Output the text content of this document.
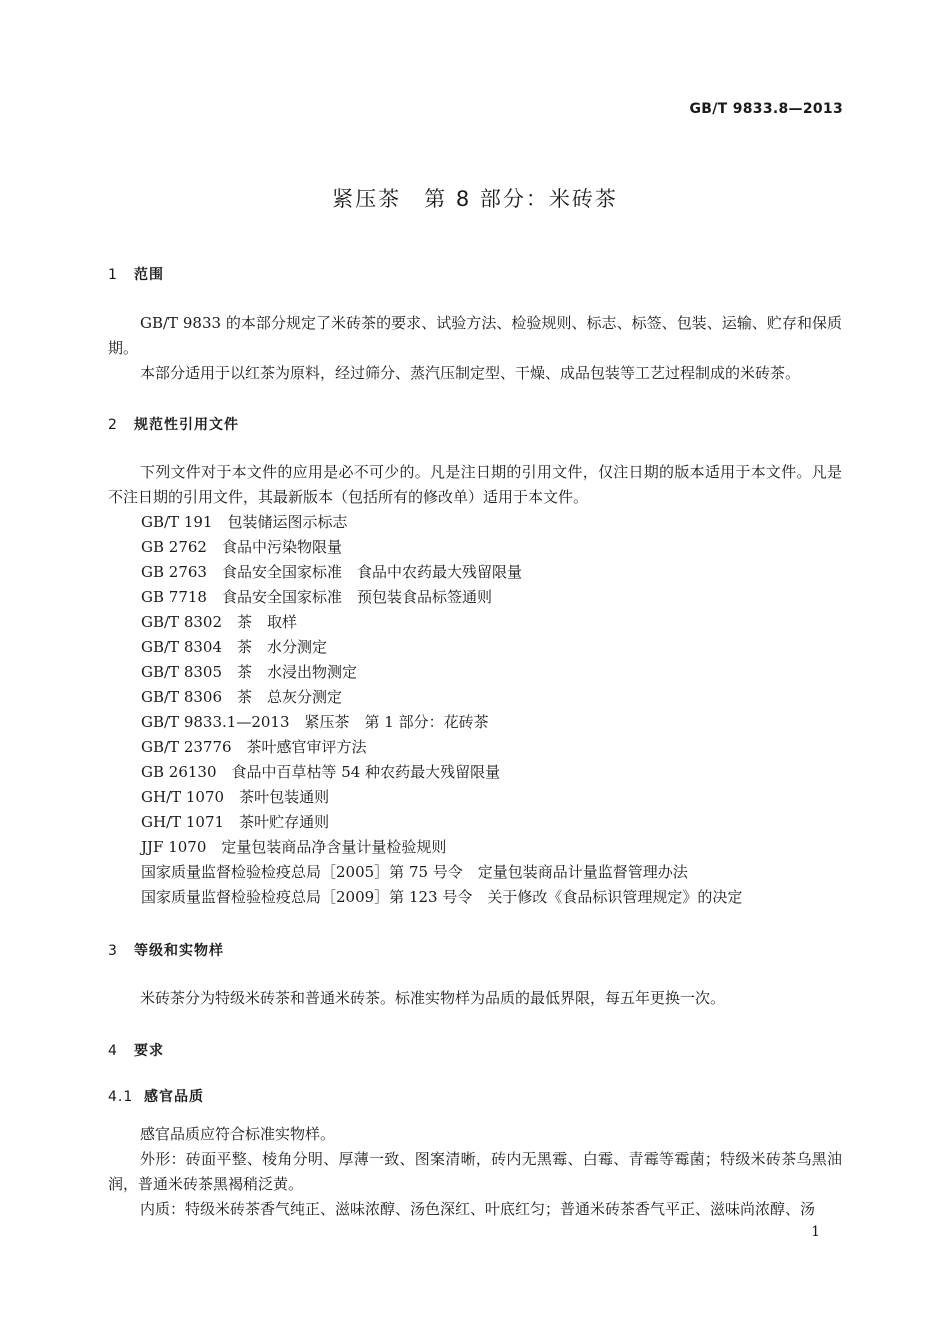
GB/T 9833.8—2013
紧压茶　第 8 部分：米砖茶
1 范围
GB/T 9833 的本部分规定了米砖茶的要求、试验方法、检验规则、标志、标签、包装、运输、贮存和保质期。
本部分适用于以红茶为原料，经过筛分、蒸汽压制定型、干燥、成品包装等工艺过程制成的米砖茶。
2 规范性引用文件
下列文件对于本文件的应用是必不可少的。凡是注日期的引用文件，仅注日期的版本适用于本文件。凡是不注日期的引用文件，其最新版本（包括所有的修改单）适用于本文件。
GB/T 191　包装储运图示标志
GB 2762　食品中污染物限量
GB 2763　食品安全国家标准　食品中农药最大残留限量
GB 7718　食品安全国家标准　预包装食品标签通则
GB/T 8302　茶　取样
GB/T 8304　茶　水分测定
GB/T 8305　茶　水浸出物测定
GB/T 8306　茶　总灰分测定
GB/T 9833.1—2013　紧压茶　第 1 部分：花砖茶
GB/T 23776　茶叶感官审评方法
GB 26130　食品中百草枯等 54 种农药最大残留限量
GH/T 1070　茶叶包装通则
GH/T 1071　茶叶贮存通则
JJF 1070　定量包装商品净含量计量检验规则
国家质量监督检验检疫总局［2005］第 75 号令　定量包装商品计量监督管理办法
国家质量监督检验检疫总局［2009］第 123 号令　关于修改《食品标识管理规定》的决定
3 等级和实物样
米砖茶分为特级米砖茶和普通米砖茶。标准实物样为品质的最低界限，每五年更换一次。
4 要求
4.1 感官品质
感官品质应符合标准实物样。
外形：砖面平整、棱角分明、厚薄一致、图案清晰，砖内无黑霉、白霉、青霉等霉菌；特级米砖茶乌黑油润，普通米砖茶黑褐稍泛黄。
内质：特级米砖茶香气纯正、滋味浓醇、汤色深红、叶底红匀；普通米砖茶香气平正、滋味尚浓醇、汤
1
